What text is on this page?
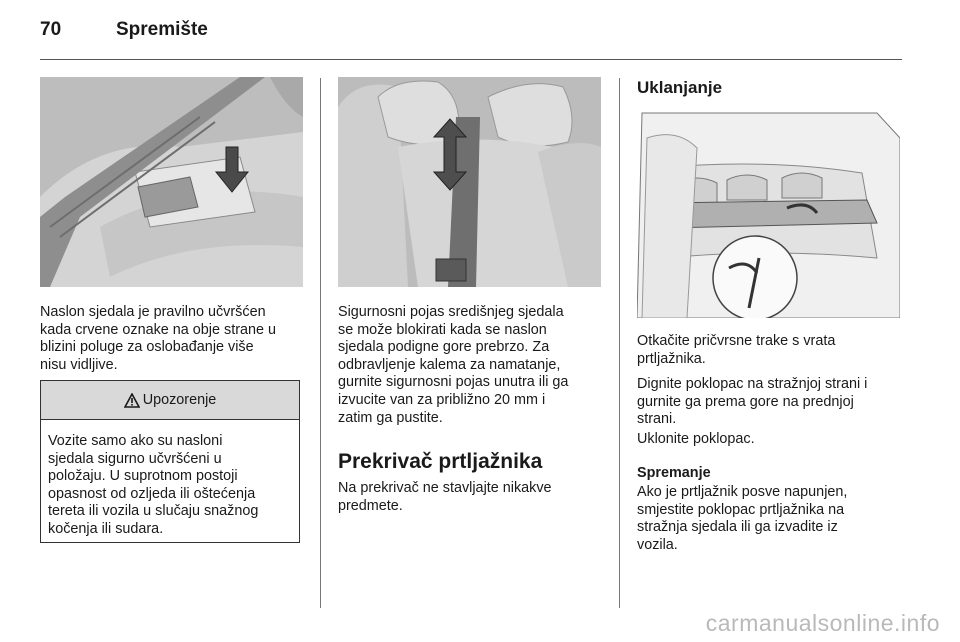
70	Spremište
Naslon sjedala je pravilno učvršćen
kada crvene oznake na obje strane u
blizini poluge za oslobađanje više
nisu vidljive.
Upozorenje
Vozite samo ako su nasloni
sjedala sigurno učvršćeni u
položaju. U suprotnom postoji
opasnost od ozljeda ili oštećenja
tereta ili vozila u slučaju snažnog
kočenja ili sudara.
Sigurnosni pojas središnjeg sjedala
se može blokirati kada se naslon
sjedala podigne gore prebrzo. Za
odbravljenje kalema za namatanje,
gurnite sigurnosni pojas unutra ili ga
izvucite van za približno 20 mm i
zatim ga pustite.
Prekrivač prtljažnika
Na prekrivač ne stavljajte nikakve
predmete.
Uklanjanje
Otkačite pričvrsne trake s vrata
prtljažnika.
Dignite poklopac na stražnjoj strani i
gurnite ga prema gore na prednjoj
strani.
Uklonite poklopac.
Spremanje
Ako je prtljažnik posve napunjen,
smjestite poklopac prtljažnika na
stražnja sjedala ili ga izvadite iz
vozila.
carmanualsonline.info
